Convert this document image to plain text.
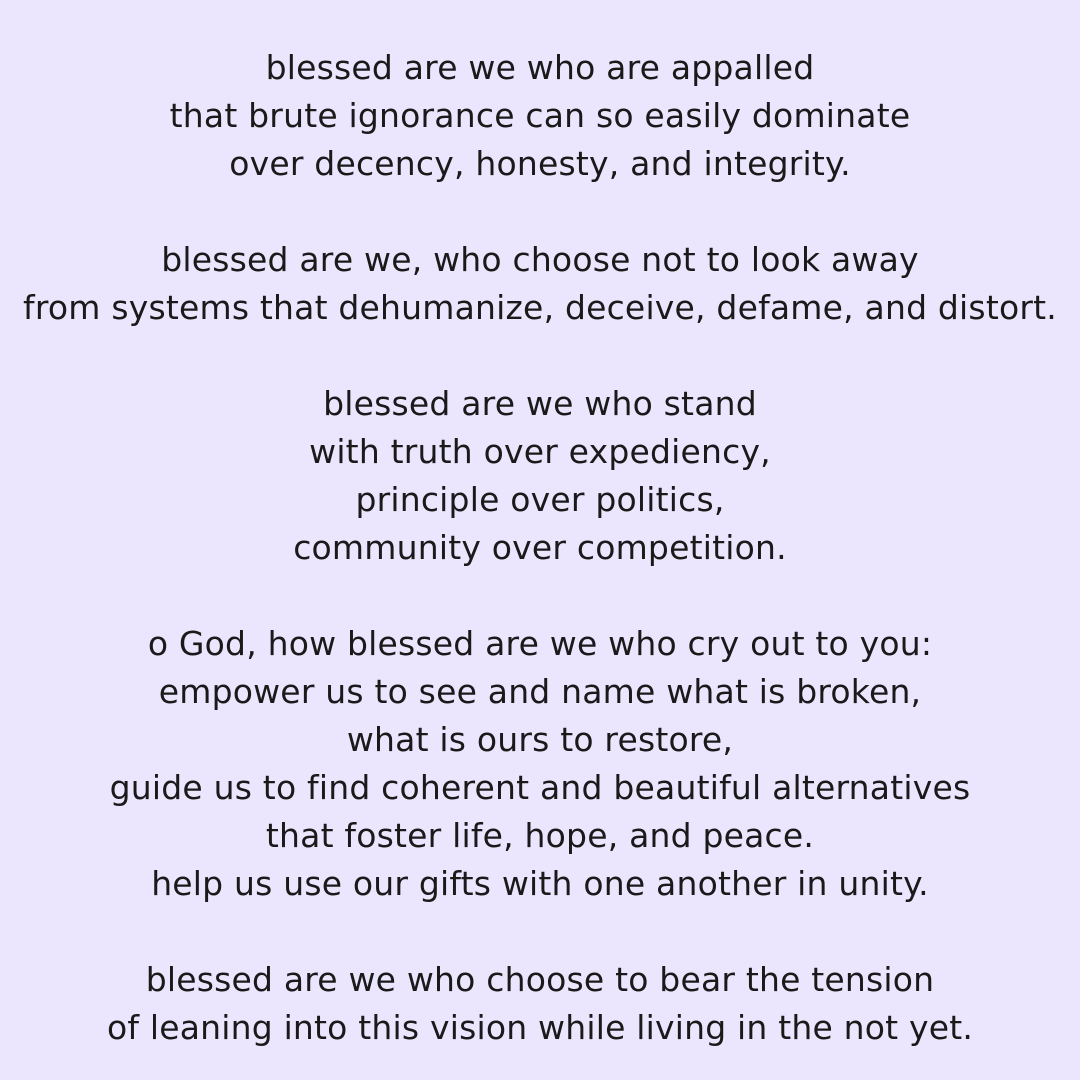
blessed are we who are appalled
that brute ignorance can so easily dominate
over decency, honesty, and integrity.
blessed are we, who choose not to look away
from systems that dehumanize, deceive, defame, and distort.
blessed are we who stand
with truth over expediency,
principle over politics,
community over competition.
o God, how blessed are we who cry out to you:
empower us to see and name what is broken,
what is ours to restore,
guide us to find coherent and beautiful alternatives
that foster life, hope, and peace.
help us use our gifts with one another in unity.
blessed are we who choose to bear the tension
of leaning into this vision while living in the not yet.
